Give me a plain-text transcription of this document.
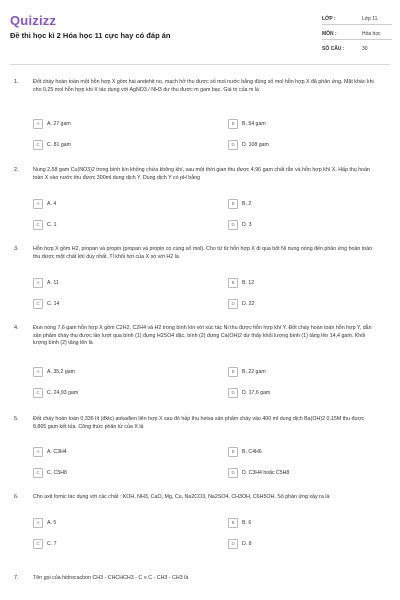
Quizizz
Đề thi học kì 2 Hóa học 11 cực hay có đáp án
LỚP :	Lớp 11
MÔN :	Hóa học
SỐ CÂU :	30
1.	Đốt cháy hoàn toàn một hỗn hợp X gồm hai andehit no, mạch hở thu được số mol nước bằng đúng số mol hỗn hợp X đã phản ứng. Mặt khác khi cho 0,25 mol hỗn hợp khi X tác dụng với AgNO3 / NH3 dư thu được m gam bạc. Giá trị của m là
A	A. 27 gam	B	B. 54 gam
C	C. 81 gam	D	D. 108 gam
2.	Nung 2,58 gam Cu(NO3)2 trong bình kín không chứa không khí, sau một thời gian thu được 4,96 gam chất rắn và hỗn hợp khí X. Hấp thụ hoàn toàn X vào nước thu được 300ml dung dịch Y. Dung dịch Y có pH bằng
A	A. 4	B	B. 2
C	C. 1	D	D. 3
3.	Hỗn hợp X gồm H2, propan và propin (propan và propin có cùng số mol). Cho từ từ hỗn hợp X đi qua bột Ni nung nóng đến phản ứng hoàn toàn thu được một chất khí duy nhất. Tỉ khối hơi của X so với H2 là
A	A. 11	B	B. 12
C	C. 14	D	D. 22
4.	Đun nóng 7,6 gam hỗn hợp X gồm C2H2, C2H4 và H2 trong bình kín với xúc tác Ni thu được hỗn hợp khí Y. Đốt cháy hoàn toàn hỗn hợp Y, dẫn sản phẩm cháy thu được lần lượt qua bình (1) đựng H2SO4 đặc, bình (2) đựng Ca(OH)2 dư thấy khối lượng bình (1) tăng lên 14,4 gam. Khối lượng bình (2) tăng lên là
A	A. 35,2 gam	B	B. 22 gam
C	C. 24,93 gam	D	D. 17,6 gam
5.	Đốt cháy hoàn toàn 0,336 lít (đktc) ankađien liên hợp X sau đó hấp thụ hetsa sản phẩm cháy vào 400 ml dung dịch Ba(OH)2 0,15M thu được 8,865 gam kết tủa. Công thức phân tử của X là
A	A. C3H4	B	B. C4H6
C	C. C5H8	D	D. C3H4 hoặc C5H8
6.	Cho axit fomic tác dụng với các chất : KOH, NH3, CaO, Mg, Cu, Na2CO3, Na2SO4, CH3OH, C6H5OH. Số phản ứng xảy ra là
A	A. 5	B	B. 6
C	C. 7	D	D. 8
7.	Tên gọi của hidrocacbon CH3 - CHCHCH3 - C ≡ C - CH3 - CH3 là
